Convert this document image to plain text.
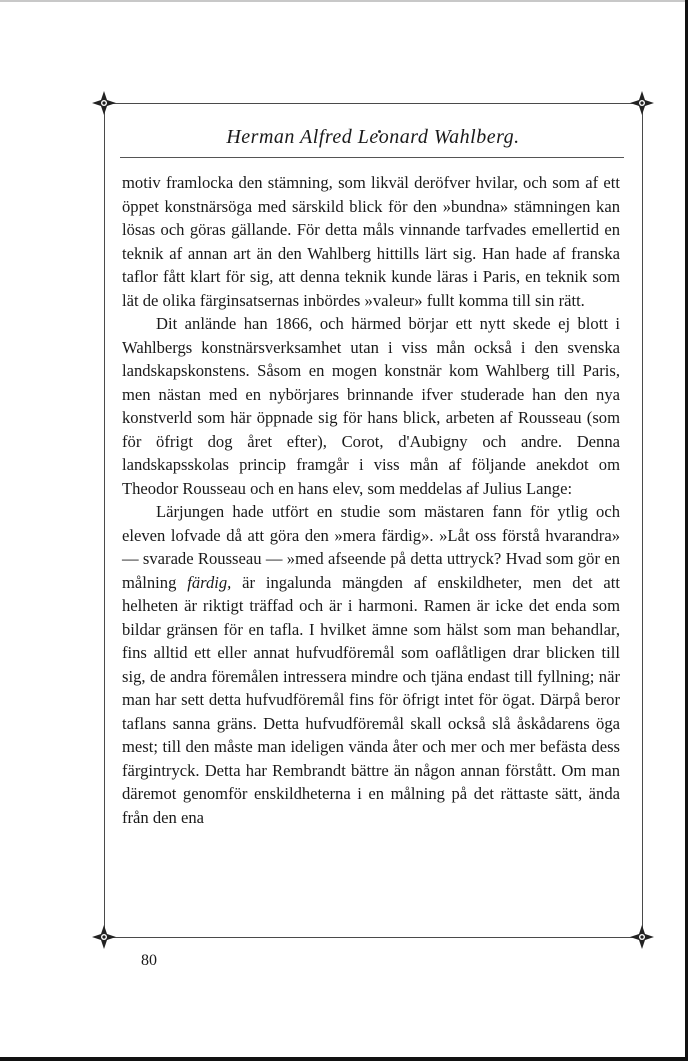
Herman Alfred Leonard Wahlberg.

motiv framlocka den stämning, som likväl deröfver hvilar, och som af ett öppet konstnärsöga med särskild blick för den »bundna» stämningen kan lösas och göras gällande. För detta måls vinnande tarfvades emellertid en teknik af annan art än den Wahlberg hittills lärt sig. Han hade af franska taflor fått klart för sig, att denna teknik kunde läras i Paris, en teknik som lät de olika färginsatsernas inbördes »valeur» fullt komma till sin rätt.

Dit anlände han 1866, och härmed börjar ett nytt skede ej blott i Wahlbergs konstnärsverksamhet utan i viss mån också i den svenska landskapskonstens. Såsom en mogen konstnär kom Wahlberg till Paris, men nästan med en nybörjares brinnande ifver studerade han den nya konstverld som här öppnade sig för hans blick, arbeten af Rousseau (som för öfrigt dog året efter), Corot, d'Aubigny och andre. Denna landskapsskolas princip framgår i viss mån af följande anekdot om Theodor Rousseau och en hans elev, som meddelas af Julius Lange:

Lärjungen hade utfört en studie som mästaren fann för ytlig och eleven lofvade då att göra den »mera färdig». »Låt oss förstå hvarandra» — svarade Rousseau — »med afseende på detta uttryck? Hvad som gör en målning färdig, är ingalunda mängden af enskildheter, men det att helheten är riktigt träffad och är i harmoni. Ramen är icke det enda som bildar gränsen för en tafla. I hvilket ämne som hälst som man behandlar, fins alltid ett eller annat hufvudföremål som oaflåtligen drar blicken till sig, de andra föremålen intressera mindre och tjäna endast till fyllning; när man har sett detta hufvudföremål fins för öfrigt intet för ögat. Därpå beror taflans sanna gräns. Detta hufvudföremål skall också slå åskådarens öga mest; till den måste man ideligen vända åter och mer och mer befästa dess färgintryck. Detta har Rembrandt bättre än någon annan förstått. Om man däremot genomför enskildheterna i en målning på det rättaste sätt, ända från den ena

80
